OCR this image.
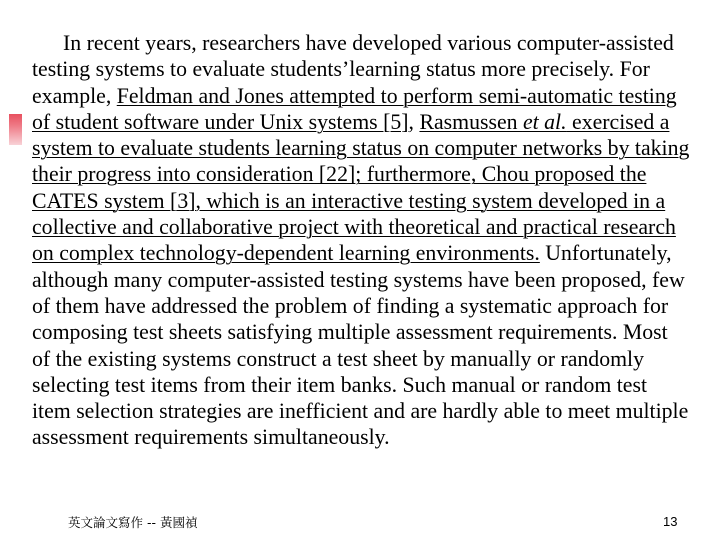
In recent years, researchers have developed various computer-assisted
testing systems to evaluate students’learning status more precisely. For
example, Feldman and Jones attempted to perform semi-automatic testing
of student software under Unix systems [5], Rasmussen et al. exercised a
system to evaluate students learning status on computer networks by taking
their progress into consideration [22]; furthermore, Chou proposed the
CATES system [3], which is an interactive testing system developed in a
collective and collaborative project with theoretical and practical research
on complex technology-dependent learning environments. Unfortunately,
although many computer-assisted testing systems have been proposed, few
of them have addressed the problem of finding a systematic approach for
composing test sheets satisfying multiple assessment requirements. Most
of the existing systems construct a test sheet by manually or randomly
selecting test items from their item banks. Such manual or random test
item selection strategies are inefficient and are hardly able to meet multiple
assessment requirements simultaneously.
英文論文寫作 -- 黃國禎	13
